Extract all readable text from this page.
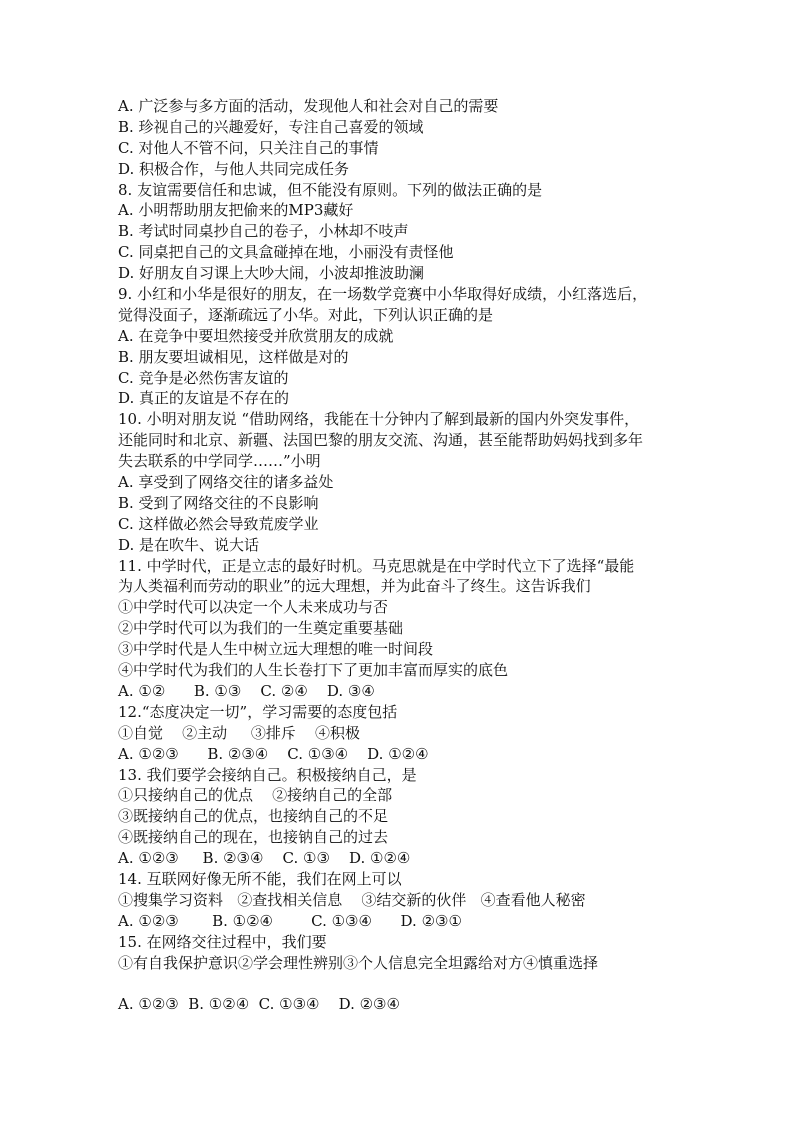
A. 广泛参与多方面的活动，发现他人和社会对自己的需要
B. 珍视自己的兴趣爱好，专注自己喜爱的领域
C. 对他人不管不问，只关注自己的事情
D. 积极合作，与他人共同完成任务
8. 友谊需要信任和忠诚，但不能没有原则。下列的做法正确的是
A. 小明帮助朋友把偷来的MP3藏好
B. 考试时同桌抄自己的卷子，小林却不吱声
C. 同桌把自己的文具盒碰掉在地，小丽没有责怪他
D. 好朋友自习课上大吵大闹，小波却推波助澜
9. 小红和小华是很好的朋友，在一场数学竞赛中小华取得好成绩，小红落选后，
觉得没面子，逐渐疏远了小华。对此，下列认识正确的是
A. 在竞争中要坦然接受并欣赏朋友的成就
B. 朋友要坦诚相见，这样做是对的
C. 竞争是必然伤害友谊的
D. 真正的友谊是不存在的
10. 小明对朋友说 “借助网络，我能在十分钟内了解到最新的国内外突发事件，
还能同时和北京、新疆、法国巴黎的朋友交流、沟通，甚至能帮助妈妈找到多年
失去联系的中学同学……”小明
A. 享受到了网络交往的诸多益处
B. 受到了网络交往的不良影响
C. 这样做必然会导致荒废学业
D. 是在吹牛、说大话
11. 中学时代，正是立志的最好时机。马克思就是在中学时代立下了选择“最能
为人类福利而劳动的职业”的远大理想，并为此奋斗了终生。这告诉我们
①中学时代可以决定一个人未来成功与否
②中学时代可以为我们的一生奠定重要基础
③中学时代是人生中树立远大理想的唯一时间段
④中学时代为我们的人生长卷打下了更加丰富而厚实的底色
A. ①②      B. ①③    C. ②④    D. ③④
12.“态度决定一切”，学习需要的态度包括
①自觉    ②主动     ③排斥    ④积极
A. ①②③      B. ②③④    C. ①③④    D. ①②④
13. 我们要学会接纳自己。积极接纳自己，是
①只接纳自己的优点    ②接纳自己的全部
③既接纳自己的优点，也接纳自己的不足
④既接纳自己的现在，也接钠自己的过去
A. ①②③     B. ②③④    C. ①③    D. ①②④
14. 互联网好像无所不能，我们在网上可以
①搜集学习资料   ②查找相关信息    ③结交新的伙伴   ④查看他人秘密
A. ①②③       B. ①②④        C. ①③④      D. ②③①
15. 在网络交往过程中，我们要
①有自我保护意识②学会理性辨别③个人信息完全坦露给对方④慎重选择
A. ①②③  B. ①②④  C. ①③④    D. ②③④
